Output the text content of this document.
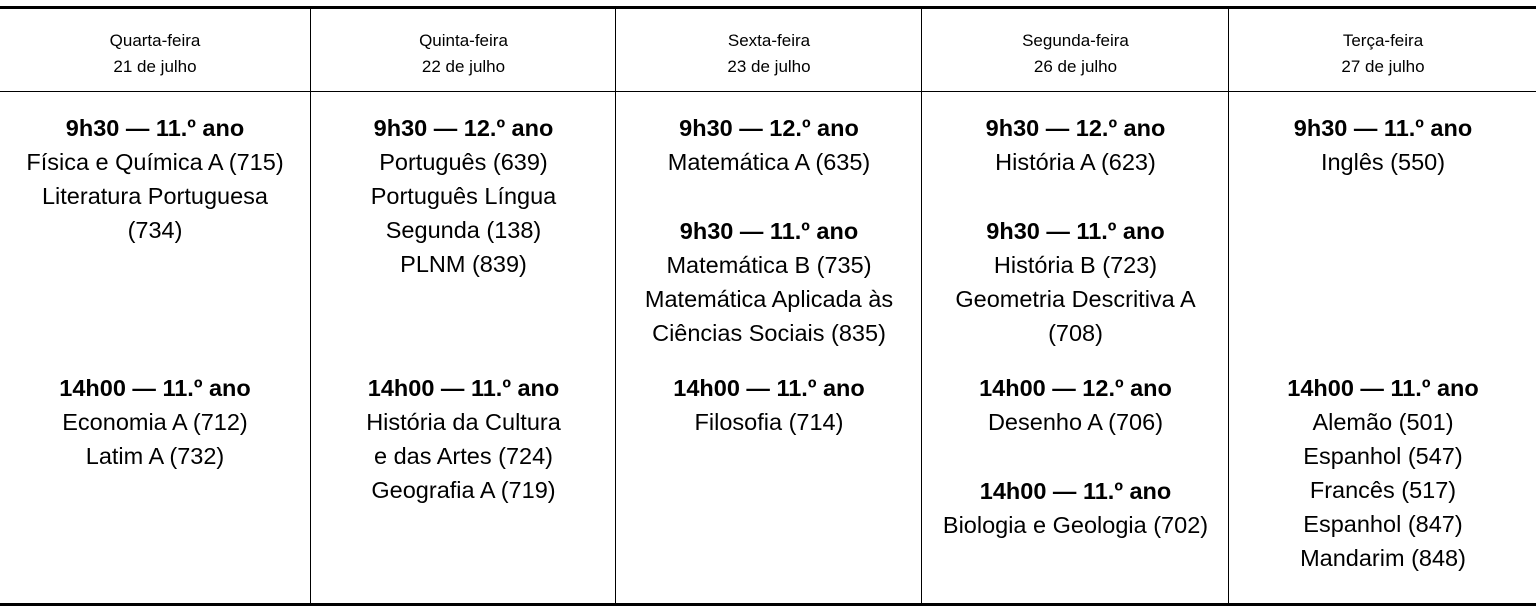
Quarta-feira
21 de julho
9h30 — 11.º ano
Física e Química A (715)
Literatura Portuguesa
(734)
14h00 — 11.º ano
Economia A (712)
Latim A (732)
Quinta-feira
22 de julho
9h30 — 12.º ano
Português (639)
Português Língua
Segunda (138)
PLNM (839)
14h00 — 11.º ano
História da Cultura
e das Artes (724)
Geografia A (719)
Sexta-feira
23 de julho
9h30 — 12.º ano
Matemática A (635)
9h30 — 11.º ano
Matemática B (735)
Matemática Aplicada às
Ciências Sociais (835)
14h00 — 11.º ano
Filosofia (714)
Segunda-feira
26 de julho
9h30 — 12.º ano
História A (623)
9h30 — 11.º ano
História B (723)
Geometria Descritiva A
(708)
14h00 — 12.º ano
Desenho A (706)
14h00 — 11.º ano
Biologia e Geologia (702)
Terça-feira
27 de julho
9h30 — 11.º ano
Inglês (550)
14h00 — 11.º ano
Alemão (501)
Espanhol (547)
Francês (517)
Espanhol (847)
Mandarim (848)
